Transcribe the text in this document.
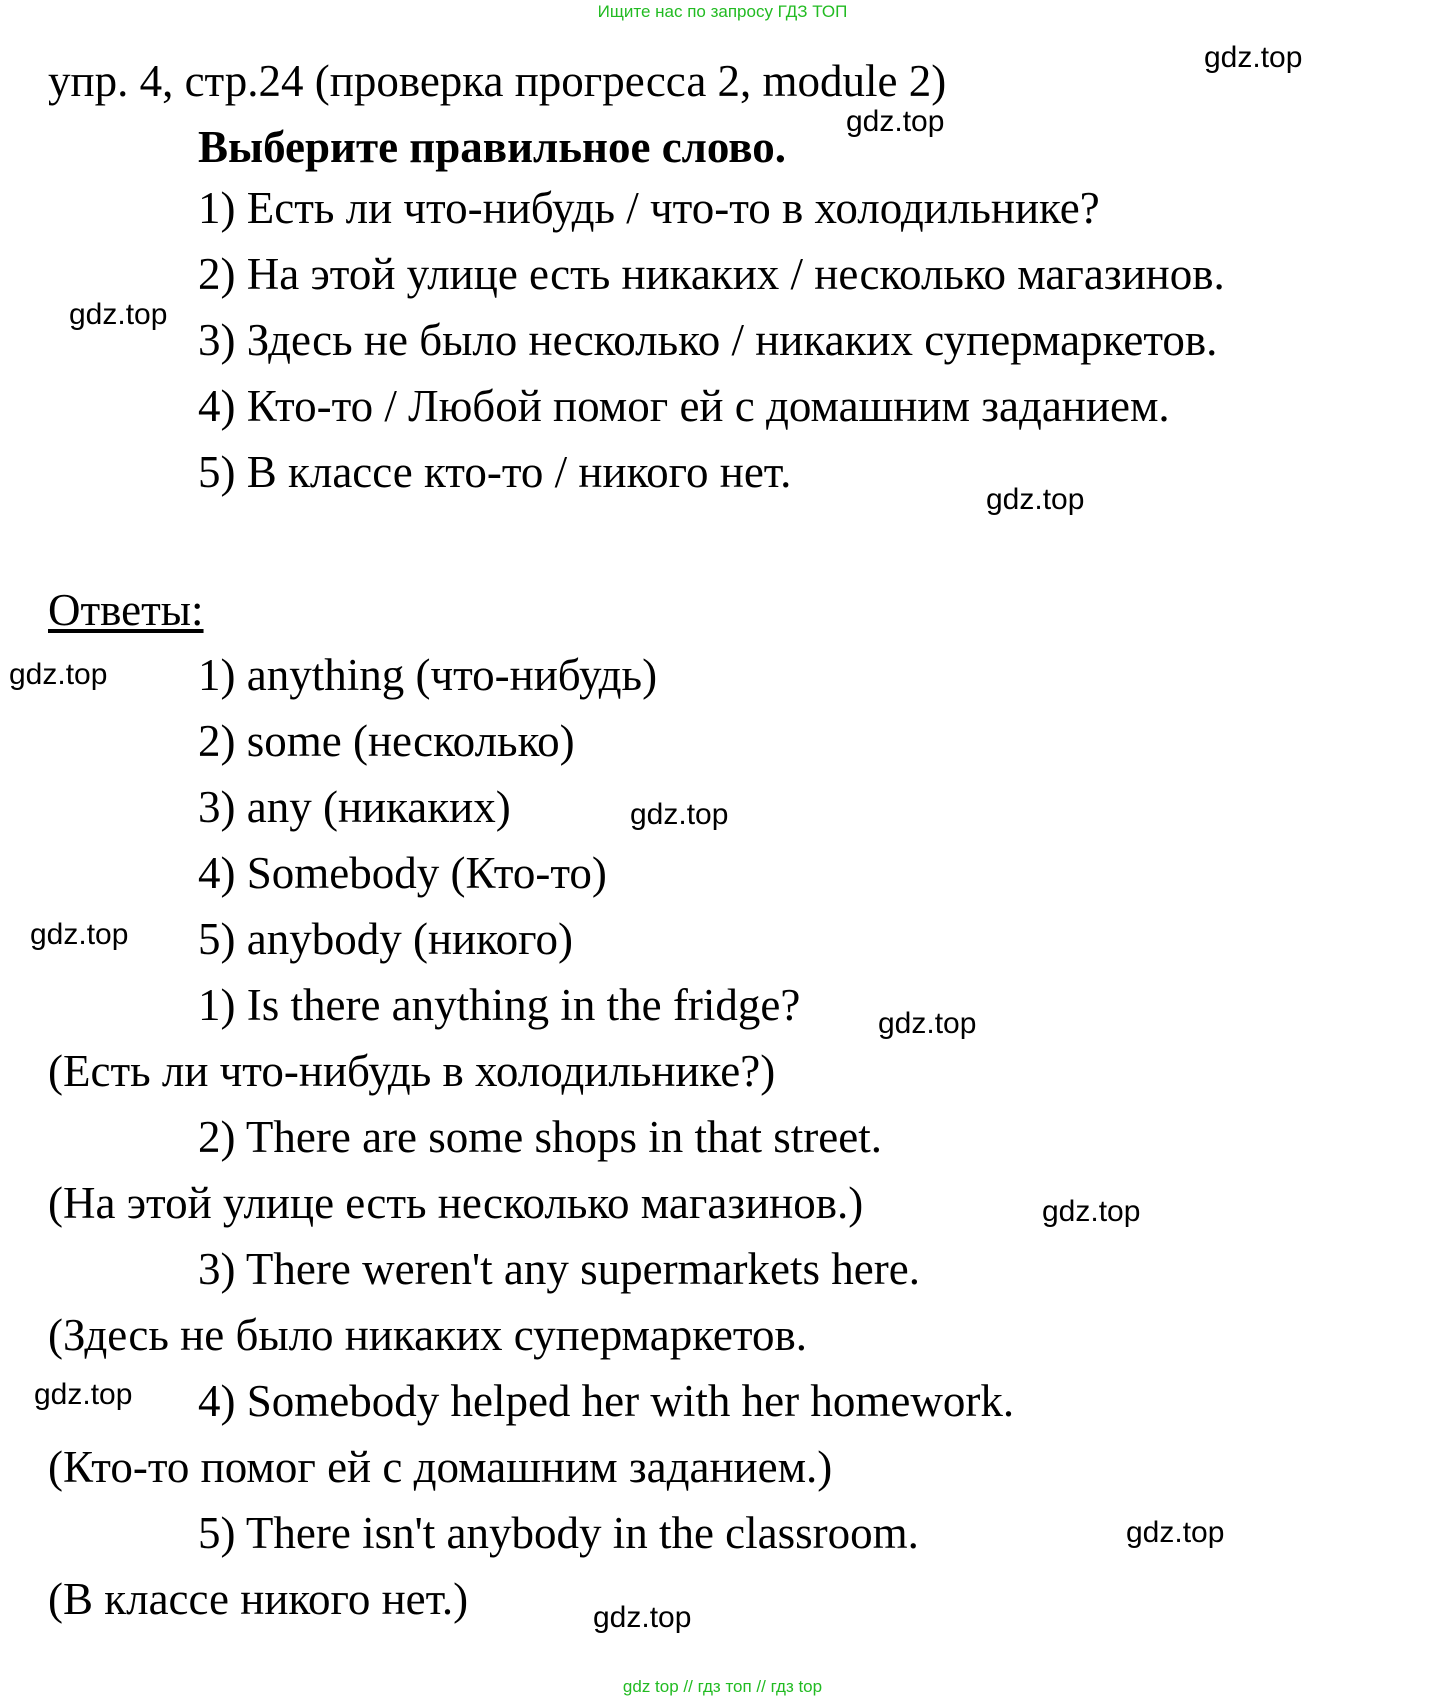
Ищите нас по запросу ГДЗ ТОП
упр. 4, стр.24 (проверка прогресса 2, module 2)
Выберите правильное слово.
1) Есть ли что-нибудь / что-то в холодильнике?
2) На этой улице есть никаких / несколько магазинов.
3) Здесь не было несколько / никаких супермаркетов.
4) Кто-то / Любой помог ей с домашним заданием.
5) В классе кто-то / никого нет.
Ответы:
1) anything (что-нибудь)
2) some (несколько)
3) any (никаких)
4) Somebody (Кто-то)
5) anybody (никого)
1) Is there anything in the fridge?
(Есть ли что-нибудь в холодильнике?)
2) There are some shops in that street.
(На этой улице есть несколько магазинов.)
3) There weren't any supermarkets here.
(Здесь не было никаких супермаркетов.
4) Somebody helped her with her homework.
(Кто-то помог ей с домашним заданием.)
5) There isn't anybody in the classroom.
(В классе никого нет.)
gdz.top
gdz.top
gdz.top
gdz.top
gdz.top
gdz.top
gdz.top
gdz.top
gdz.top
gdz.top
gdz.top
gdz.top
gdz top // гдз топ // гдз top
